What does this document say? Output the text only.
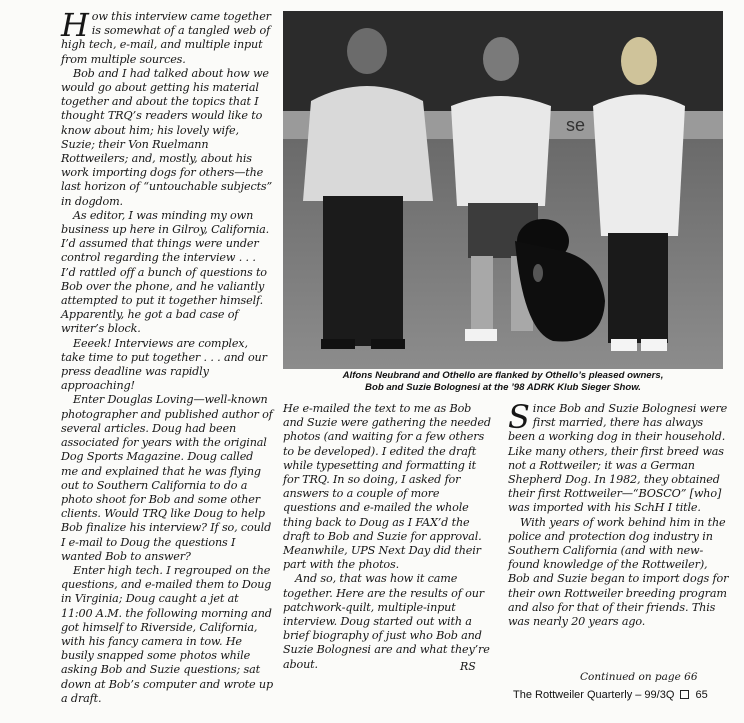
How this interview came together is somewhat of a tangled web of high tech, e-mail, and multiple input from multiple sources.

Bob and I had talked about how we would go about getting his material together and about the topics that I thought TRQ’s readers would like to know about him; his lovely wife, Suzie; their Von Ruelmann Rottweilers; and, mostly, about his work importing dogs for others—the last horizon of “untouchable subjects” in dogdom.

As editor, I was minding my own business up here in Gilroy, California. I’d assumed that things were under control regarding the interview . . . I’d rattled off a bunch of questions to Bob over the phone, and he valiantly attempted to put it together himself. Apparently, he got a bad case of writer’s block.

Eeeek! Interviews are complex, take time to put together . . . and our press deadline was rapidly approaching!

Enter Douglas Loving—well-known photographer and published author of several articles. Doug had been associated for years with the original Dog Sports Magazine. Doug called me and explained that he was flying out to Southern California to do a photo shoot for Bob and some other clients. Would TRQ like Doug to help Bob finalize his interview? If so, could I e-mail to Doug the questions I wanted Bob to answer?

Enter high tech. I regrouped on the questions, and e-mailed them to Doug in Virginia; Doug caught a jet at 11:00 A.M. the following morning and got himself to Riverside, California, with his fancy camera in tow. He busily snapped some photos while asking Bob and Suzie questions; sat down at Bob’s computer and wrote up a draft.

se
Alfons Neubrand and Othello are flanked by Othello’s pleased owners,
Bob and Suzie Bolognesi at the ’98 ADRK Klub Sieger Show.

He e-mailed the text to me as Bob and Suzie were gathering the needed photos (and waiting for a few others to be developed). I edited the draft while typesetting and formatting it for TRQ. In so doing, I asked for answers to a couple of more questions and e-mailed the whole thing back to Doug as I FAX’d the draft to Bob and Suzie for approval. Meanwhile, UPS Next Day did their part with the photos.

And so, that was how it came together. Here are the results of our patchwork-quilt, multiple-input interview. Doug started out with a brief biography of just who Bob and Suzie Bolognesi are and what they’re about.	RS

Since Bob and Suzie Bolognesi were first married, there has always been a working dog in their household. Like many others, their first breed was not a Rottweiler; it was a German Shepherd Dog. In 1982, they obtained their first Rottweiler—“BOSCO” [who] was imported with his SchH I title.

With years of work behind him in the police and protection dog industry in Southern California (and with new-found knowledge of the Rottweiler), Bob and Suzie began to import dogs for their own Rottweiler breeding program and also for that of their friends. This was nearly 20 years ago.

Continued on page 66
The Rottweiler Quarterly – 99/3Q 65
